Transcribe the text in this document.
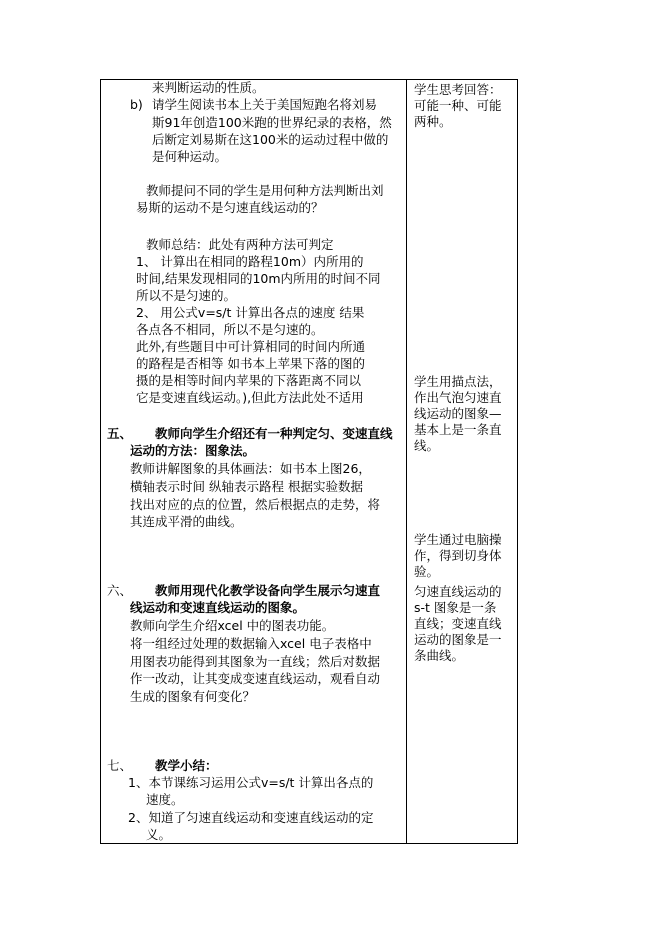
来判断运动的性质。
b) 请学生阅读书本上关于美国短跑名将刘易
斯91年创造100米跑的世界纪录的表格，然
后断定刘易斯在这100米的运动过程中做的
是何种运动。
教师提问不同的学生是用何种方法判断出刘
易斯的运动不是匀速直线运动的？
教师总结：此处有两种方法可判定
1、 计算出在相同的路程10m）内所用的
时间,结果发现相同的10m内所用的时间不同
所以不是匀速的。
2、 用公式v=s/t 计算出各点的速度 结果
各点各不相同，所以不是匀速的。
此外,有些题目中可计算相同的时间内所通
的路程是否相等 如书本上苹果下落的图的
摄的是相等时间内苹果的下落距离不同以
它是变速直线运动。),但此方法此处不适用
五、 教师向学生介绍还有一种判定匀、变速直线
运动的方法：图象法。
教师讲解图象的具体画法：如书本上图26，
横轴表示时间 纵轴表示路程 根据实验数据
找出对应的点的位置，然后根据点的走势，将
其连成平滑的曲线。
六、 教师用现代化教学设备向学生展示匀速直
线运动和变速直线运动的图象。
教师向学生介绍xcel 中的图表功能。
将一组经过处理的数据输入xcel 电子表格中
用图表功能得到其图象为一直线；然后对数据
作一改动，让其变成变速直线运动，观看自动
生成的图象有何变化？
七、 教学小结：
1、本节课练习运用公式v=s/t 计算出各点的
速度。
2、知道了匀速直线运动和变速直线运动的定
义。
学生思考回答：
可能一种、可能
两种。
学生用描点法，
作出气泡匀速直
线运动的图象—
基本上是一条直
线。
学生通过电脑操
作，得到切身体
验。
匀速直线运动的
s-t 图象是一条
直线；变速直线
运动的图象是一
条曲线。
